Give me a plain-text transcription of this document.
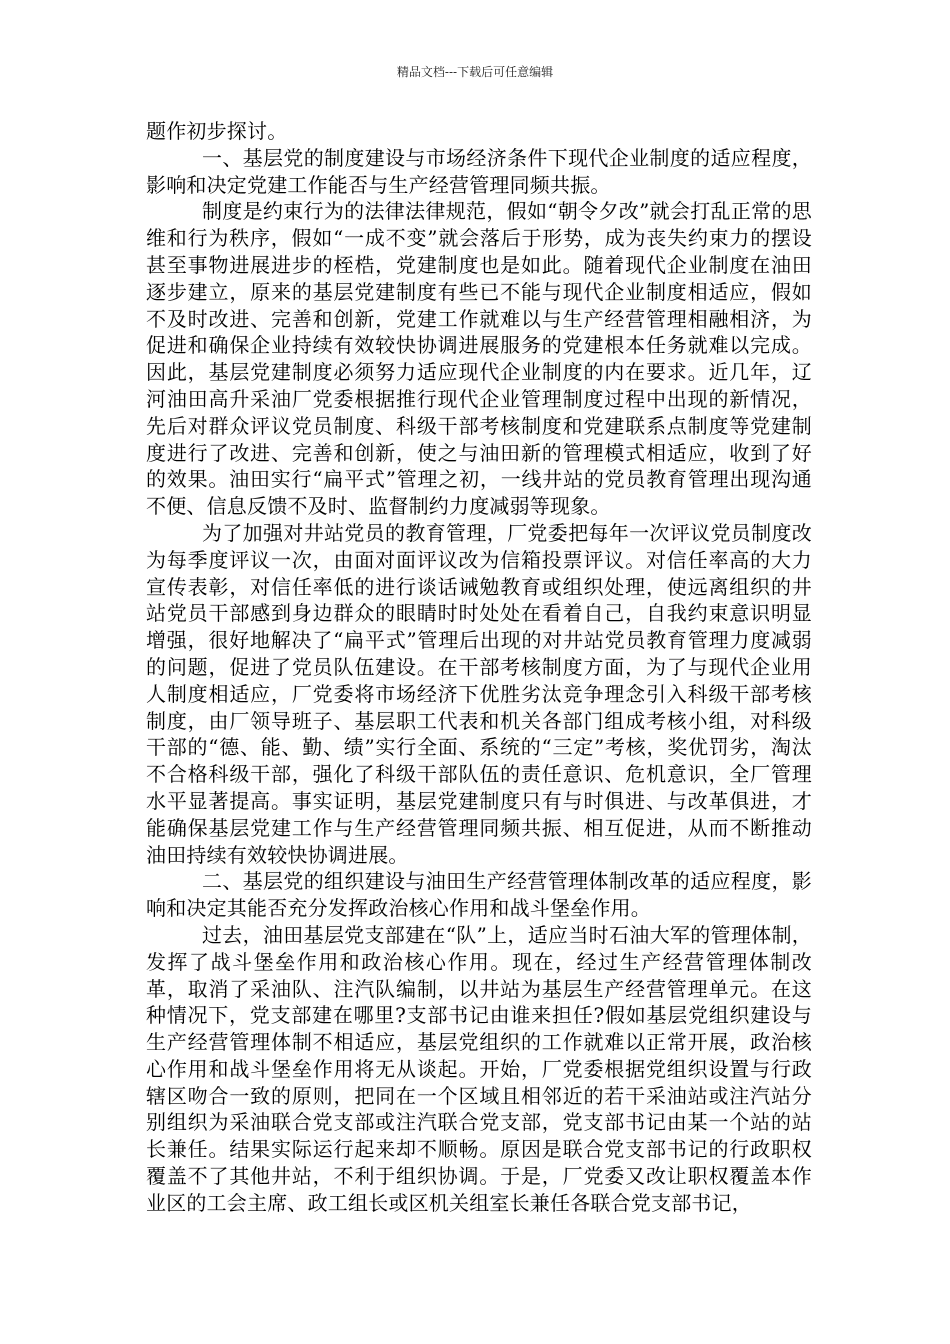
精品文档---下载后可任意编辑

题作初步探讨。

一、基层党的制度建设与市场经济条件下现代企业制度的适应程度，影响和决定党建工作能否与生产经营管理同频共振。

制度是约束行为的法律法律规范，假如“朝令夕改”就会打乱正常的思维和行为秩序，假如“一成不变”就会落后于形势，成为丧失约束力的摆设甚至事物进展进步的桎梏，党建制度也是如此。随着现代企业制度在油田逐步建立，原来的基层党建制度有些已不能与现代企业制度相适应，假如不及时改进、完善和创新，党建工作就难以与生产经营管理相融相济，为促进和确保企业持续有效较快协调进展服务的党建根本任务就难以完成。因此，基层党建制度必须努力适应现代企业制度的内在要求。近几年，辽河油田高升采油厂党委根据推行现代企业管理制度过程中出现的新情况，先后对群众评议党员制度、科级干部考核制度和党建联系点制度等党建制度进行了改进、完善和创新，使之与油田新的管理模式相适应，收到了好的效果。油田实行“扁平式”管理之初，一线井站的党员教育管理出现沟通不便、信息反馈不及时、监督制约力度减弱等现象。

为了加强对井站党员的教育管理，厂党委把每年一次评议党员制度改为每季度评议一次，由面对面评议改为信箱投票评议。对信任率高的大力宣传表彰，对信任率低的进行谈话诫勉教育或组织处理，使远离组织的井站党员干部感到身边群众的眼睛时时处处在看着自己，自我约束意识明显增强，很好地解决了“扁平式”管理后出现的对井站党员教育管理力度减弱的问题，促进了党员队伍建设。在干部考核制度方面，为了与现代企业用人制度相适应，厂党委将市场经济下优胜劣汰竞争理念引入科级干部考核制度，由厂领导班子、基层职工代表和机关各部门组成考核小组，对科级干部的“德、能、勤、绩”实行全面、系统的“三定”考核，奖优罚劣，淘汰不合格科级干部，强化了科级干部队伍的责任意识、危机意识，全厂管理水平显著提高。事实证明，基层党建制度只有与时俱进、与改革俱进，才能确保基层党建工作与生产经营管理同频共振、相互促进，从而不断推动油田持续有效较快协调进展。

二、基层党的组织建设与油田生产经营管理体制改革的适应程度，影响和决定其能否充分发挥政治核心作用和战斗堡垒作用。

过去，油田基层党支部建在“队”上，适应当时石油大军的管理体制，发挥了战斗堡垒作用和政治核心作用。现在，经过生产经营管理体制改革，取消了采油队、注汽队编制，以井站为基层生产经营管理单元。在这种情况下，党支部建在哪里?支部书记由谁来担任?假如基层党组织建设与生产经营管理体制不相适应，基层党组织的工作就难以正常开展，政治核心作用和战斗堡垒作用将无从谈起。开始，厂党委根据党组织设置与行政辖区吻合一致的原则，把同在一个区域且相邻近的若干采油站或注汽站分别组织为采油联合党支部或注汽联合党支部，党支部书记由某一个站的站长兼任。结果实际运行起来却不顺畅。原因是联合党支部书记的行政职权覆盖不了其他井站，不利于组织协调。于是，厂党委又改让职权覆盖本作业区的工会主席、政工组长或区机关组室长兼任各联合党支部书记，
